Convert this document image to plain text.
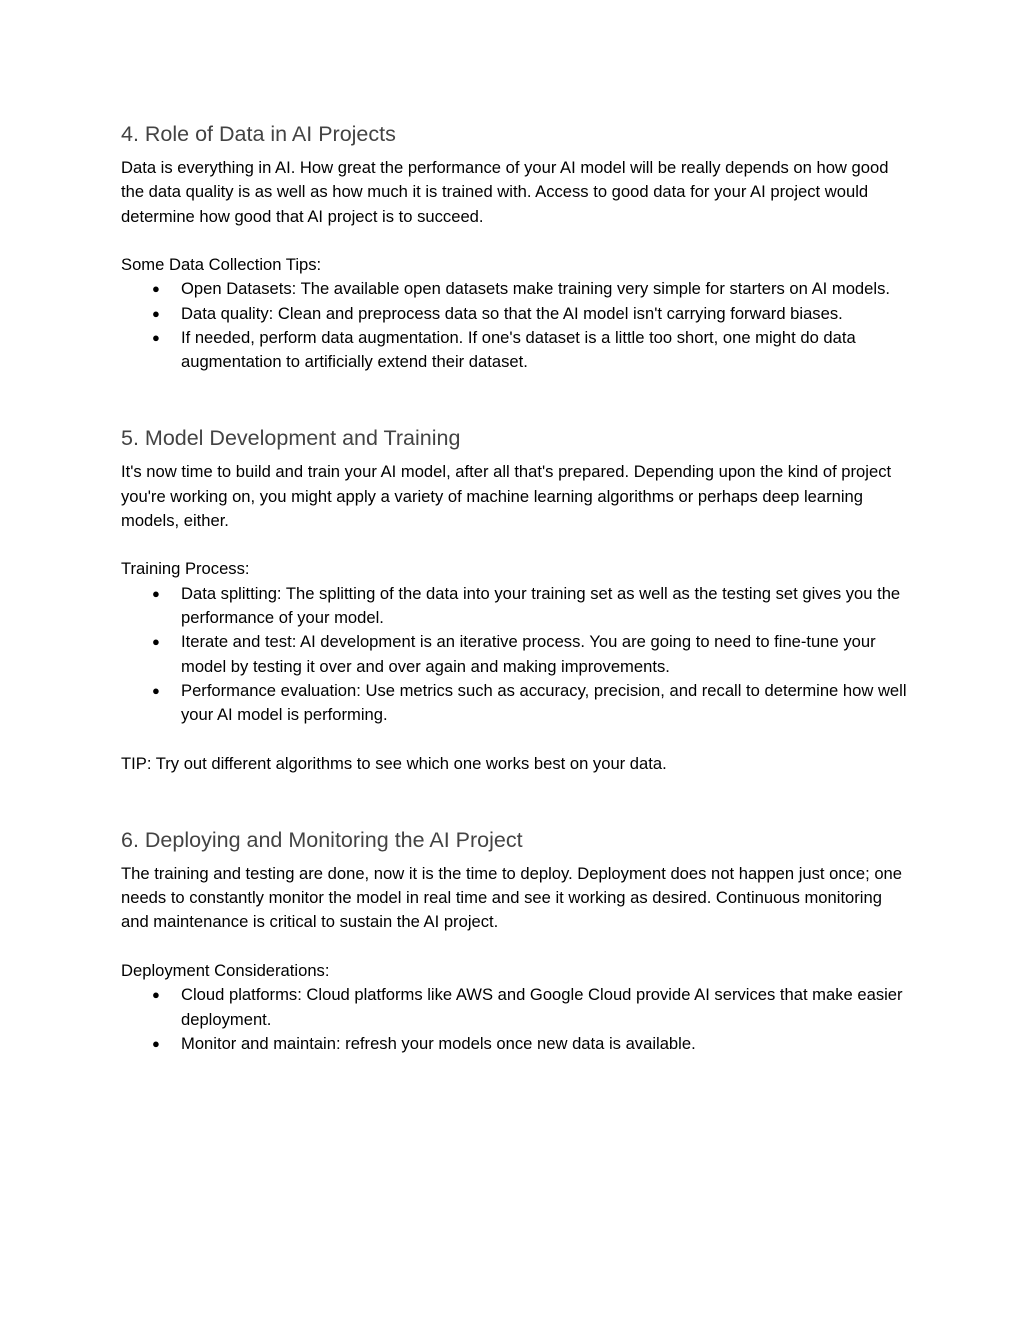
4. Role of Data in AI Projects

Data is everything in AI. How great the performance of your AI model will be really depends on how good the data quality is as well as how much it is trained with. Access to good data for your AI project would determine how good that AI project is to succeed.

Some Data Collection Tips:

● Open Datasets: The available open datasets make training very simple for starters on AI models.
● Data quality: Clean and preprocess data so that the AI model isn't carrying forward biases.
● If needed, perform data augmentation. If one's dataset is a little too short, one might do data augmentation to artificially extend their dataset.
5. Model Development and Training

It's now time to build and train your AI model, after all that's prepared. Depending upon the kind of project you're working on, you might apply a variety of machine learning algorithms or perhaps deep learning models, either.

Training Process:

● Data splitting: The splitting of the data into your training set as well as the testing set gives you the performance of your model.
● Iterate and test: AI development is an iterative process. You are going to need to fine-tune your model by testing it over and over again and making improvements.
● Performance evaluation: Use metrics such as accuracy, precision, and recall to determine how well your AI model is performing.

TIP: Try out different algorithms to see which one works best on your data.

6. Deploying and Monitoring the AI Project

The training and testing are done, now it is the time to deploy. Deployment does not happen just once; one needs to constantly monitor the model in real time and see it working as desired. Continuous monitoring and maintenance is critical to sustain the AI project.

Deployment Considerations:

● Cloud platforms: Cloud platforms like AWS and Google Cloud provide AI services that make easier deployment.
● Monitor and maintain: refresh your models once new data is available.
